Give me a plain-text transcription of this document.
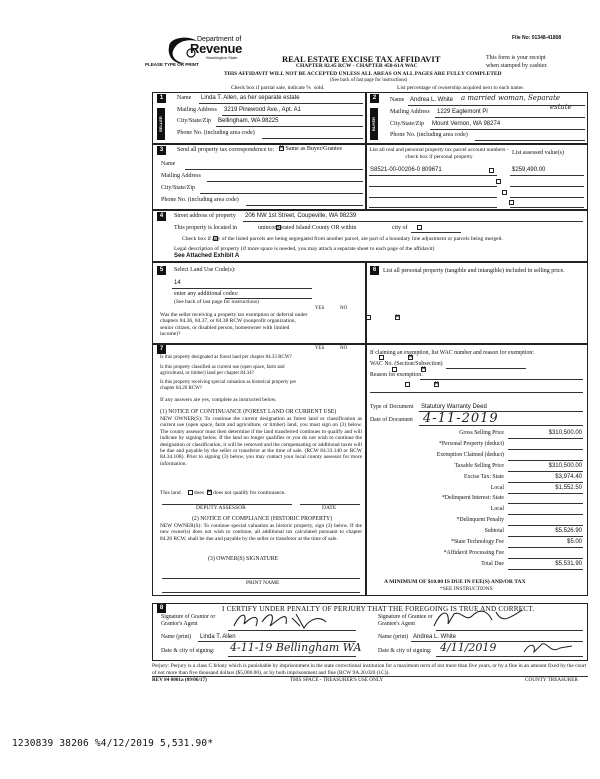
File No: 01348-41808
Department of
Revenue
Washington State
PLEASE TYPE OR PRINT
REAL ESTATE EXCISE TAX AFFIDAVIT
CHAPTER 82.45 RCW - CHAPTER 458-61A WAC
This form is your receipt
when stamped by cashier.
THIS AFFIDAVIT WILL NOT BE ACCEPTED UNLESS ALL AREAS ON ALL PAGES ARE FULLY COMPLETED
(See back of last page for instructions)
Check box if partial sale, indicate % sold.	List percentage of ownership acquired next to each name.
1
SELLER GRANTOR
Name Linda T. Allen, as her separate estate
Mailing Address 3219 Pinewood Ave., Apt. A1
City/State/Zip Bellingham, WA 98225
Phone No. (including area code)
2
BUYER GRANTEE
Name Andrea L. White a married woman, Separate
estate
Mailing Address 1229 Eaglemont Pl
City/State/Zip Mount Vernon, WA 98274
Phone No. (including area code)
3	Send all property tax correspondence to: ✕	Same as Buyer/Grantee
Name
Mailing Address
City/State/Zip
Phone No. (including area code)
List all real and personal property tax parcel account numbers - check box if personal property
List assessed value(s)
S8521-00-00206-0 809671	$259,490.00

4	Street address of property 206 NW 1st Street, Coupeville, WA 98239
This property is located in
	unincorporated Island County OR within
	city of

Check box if any of the listed parcels are being segregated from another parcel, are part of a boundary line adjustment or parcels being merged.
Legal description of property (if more space is needed, you may attach a separate sheet to each page of the affidavit)
See Attached Exhibit A
5	Select Land Use Code(s):
14
enter any additional codes:
(See back of last page for instructions)
YES	NO
Was the seller receiving a property tax exemption or deferral under chapters 84.36, 84.37, or 84.38 RCW (nonprofit organization, senior citizen, or disabled person, homeowner with limited income)?
✕
6	List all personal property (tangible and intangible) included in selling price.
7	YES	NO
Is this property designated as forest land per chapter 84.33 RCW?
✕
Is this property classified as current use (open space, farm and agricultural, or timber) land per chapter 84.34?
✕
Is this property receiving special valuation as historical property per chapter 84.26 RCW?
✕
If any answers are yes, complete as instructed below.
(1) NOTICE OF CONTINUANCE (FOREST LAND OR CURRENT USE)
NEW OWNER(S): To continue the current designation as forest land or classification as current use (open space, farm and agriculture, or timber) land, you must sign on (3) below. The county assessor must then determine if the land transferred continues to qualify and will indicate by signing below. If the land no longer qualifies or you do not wish to continue the designation or classification, it will be removed and the compensating or additional taxes will be due and payable by the seller or transferor at the time of sale. (RCW 84.33.140 or RCW 84.34.108). Prior to signing (3) below, you may contact your local county assessor for more information.
This land does ✕ does not qualify for continuance.
DEPUTY ASSESSOR	DATE
(2) NOTICE OF COMPLIANCE (HISTORIC PROPERTY)
NEW OWNER(S): To continue special valuation as historic property, sign (3) below. If the new owner(s) does not wish to continue, all additional tax calculated pursuant to chapter 84.26 RCW, shall be due and payable by the seller or transferor at the time of sale.
(3) OWNER(S) SIGNATURE
PRINT NAME
If claiming an exemption, list WAC number and reason for exemption:
WAC No. (Section/Subsection)
Reason for exemption:
Type of Document Statutory Warranty Deed
Date of Document 4-11-2019
Gross Selling Price	$310,500.00
*Personal Property (deduct)
Exemption Claimed (deduct)
Taxable Selling Price	$310,500.00
Excise Tax: State	$3,974.40
Local	$1,552.50
*Delinquent Interest: State
Local
*Delinquent Penalty
Subtotal	$5,526.90
*State Technology Fee	$5.00
*Affidavit Processing Fee
Total Due	$5,531.90
A MINIMUM OF $10.00 IS DUE IN FEE(S) AND/OR TAX
*SEE INSTRUCTIONS
8	I CERTIFY UNDER PENALTY OF PERJURY THAT THE FOREGOING IS TRUE AND CORRECT.
Signature of Grantor or Grantor's Agent
Signature of Grantee or Grantee's Agent
Name (print) Linda T. Allen	Name (print) Andrea L. White
Date & city of signing: 4-11-19 Bellingham WA	Date & city of signing: 4/11/2019
Perjury: Perjury is a class C felony which is punishable by imprisonment in the state correctional institution for a maximum term of not more than five years, or by a fine in an amount fixed by the court of not more than five thousand dollars ($5,000.00), or by both imprisonment and fine (RCW 9A.20.020 (1C)).
REV 84 0001a (09/06/17)	THIS SPACE - TREASURER'S USE ONLY	COUNTY TREASURER
1230839 38206 %4/12/2019 5,531.90*
